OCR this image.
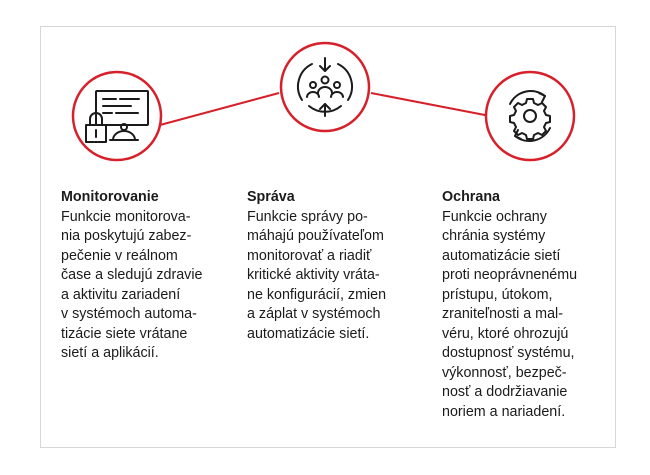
Monitorovanie
Funkcie monitorova-
nia poskytujú zabez-
pečenie v reálnom
čase a sledujú zdravie
a aktivitu zariadení
v systémoch automa-
tizácie siete vrátane
sietí a aplikácií.
Správa
Funkcie správy po-
máhajú používateľom
monitorovať a riadiť
kritické aktivity vráta-
ne konfigurácií, zmien
a záplat v systémoch
automatizácie sietí.
Ochrana
Funkcie ochrany
chránia systémy
automatizácie sietí
proti neoprávnenému
prístupu, útokom,
zraniteľnosti a mal-
véru, ktoré ohrozujú
dostupnosť systému,
výkonnosť, bezpeč-
nosť a dodržiavanie
noriem a nariadení.
